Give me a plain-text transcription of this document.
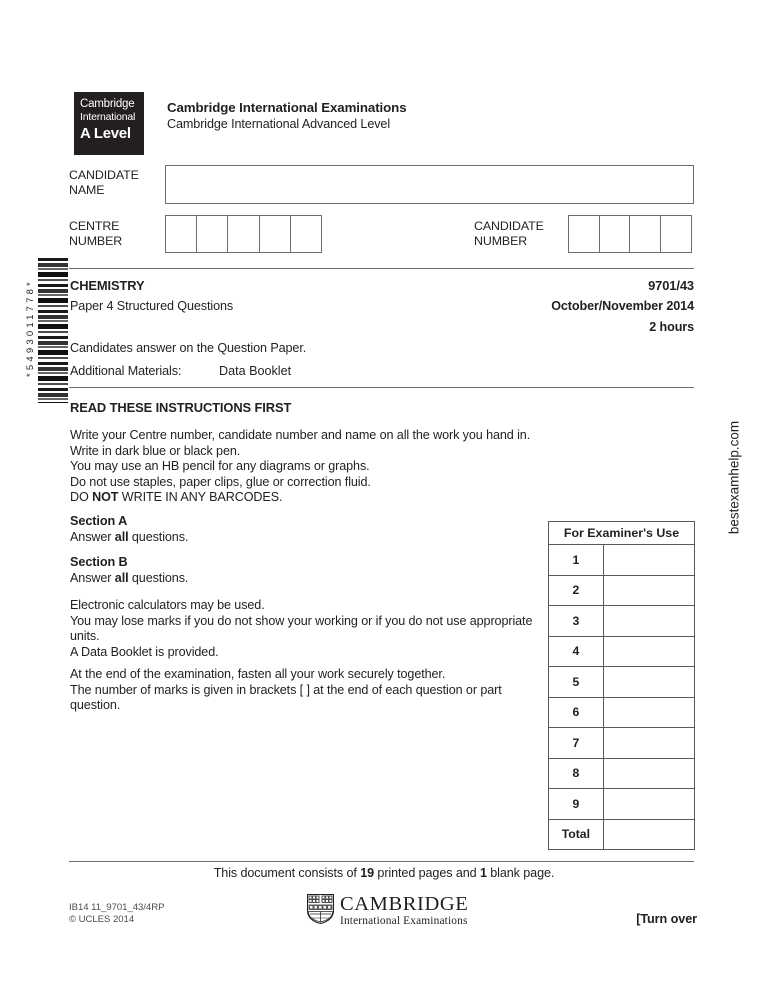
*5493011778*
bestexamhelp.com
Cambridge
International
A Level
Cambridge International Examinations
Cambridge International Advanced Level
CANDIDATE
NAME
CENTRE
NUMBER
CANDIDATE
NUMBER
CHEMISTRY	9701/43
Paper 4 Structured Questions	October/November 2014
2 hours
Candidates answer on the Question Paper.
Additional Materials:	Data Booklet
READ THESE INSTRUCTIONS FIRST
Write your Centre number, candidate number and name on all the work you hand in.
Write in dark blue or black pen.
You may use an HB pencil for any diagrams or graphs.
Do not use staples, paper clips, glue or correction fluid.
DO NOT WRITE IN ANY BARCODES.
Section A
Answer all questions.
Section B
Answer all questions.
Electronic calculators may be used.
You may lose marks if you do not show your working or if you do not use appropriate units.
A Data Booklet is provided.
At the end of the examination, fasten all your work securely together.
The number of marks is given in brackets [ ] at the end of each question or part question.
For Examiner's Use	
1	
2	
3	
4	
5	
6	
7	
8	
9	
Total	
This document consists of 19 printed pages and 1 blank page.
IB14 11_9701_43/4RP
© UCLES 2014
CAMBRIDGE
International Examinations	[Turn over
